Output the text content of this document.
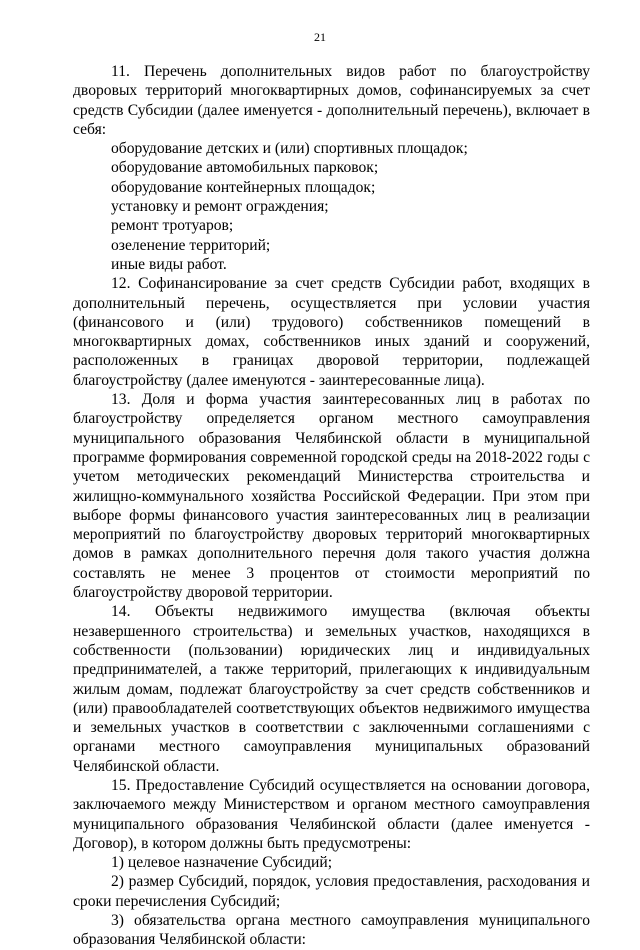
21

11. Перечень дополнительных видов работ по благоустройству дворовых территорий многоквартирных домов, софинансируемых за счет средств Субсидии (далее именуется - дополнительный перечень), включает в себя:

оборудование детских и (или) спортивных площадок;

оборудование автомобильных парковок;

оборудование контейнерных площадок;

установку и ремонт ограждения;

ремонт тротуаров;

озеленение территорий;

иные виды работ.

12. Софинансирование за счет средств Субсидии работ, входящих в дополнительный перечень, осуществляется при условии участия (финансового и (или) трудового) собственников помещений в многоквартирных домах, собственников иных зданий и сооружений, расположенных в границах дворовой территории, подлежащей благоустройству (далее именуются - заинтересованные лица).

13. Доля и форма участия заинтересованных лиц в работах по благоустройству определяется органом местного самоуправления муниципального образования Челябинской области в муниципальной программе формирования современной городской среды на 2018-2022 годы с учетом методических рекомендаций Министерства строительства и жилищно-коммунального хозяйства Российской Федерации. При этом при выборе формы финансового участия заинтересованных лиц в реализации мероприятий по благоустройству дворовых территорий многоквартирных домов в рамках дополнительного перечня доля такого участия должна составлять не менее 3 процентов от стоимости мероприятий по благоустройству дворовой территории.

14. Объекты недвижимого имущества (включая объекты незавершенного строительства) и земельных участков, находящихся в собственности (пользовании) юридических лиц и индивидуальных предпринимателей, а также территорий, прилегающих к индивидуальным жилым домам, подлежат благоустройству за счет средств собственников и (или) правообладателей соответствующих объектов недвижимого имущества и земельных участков в соответствии с заключенными соглашениями с органами местного самоуправления муниципальных образований Челябинской области.

15. Предоставление Субсидий осуществляется на основании договора, заключаемого между Министерством и органом местного самоуправления муниципального образования Челябинской области (далее именуется - Договор), в котором должны быть предусмотрены:

1) целевое назначение Субсидий;

2) размер Субсидий, порядок, условия предоставления, расходования и сроки перечисления Субсидий;

3) обязательства органа местного самоуправления муниципального образования Челябинской области:
